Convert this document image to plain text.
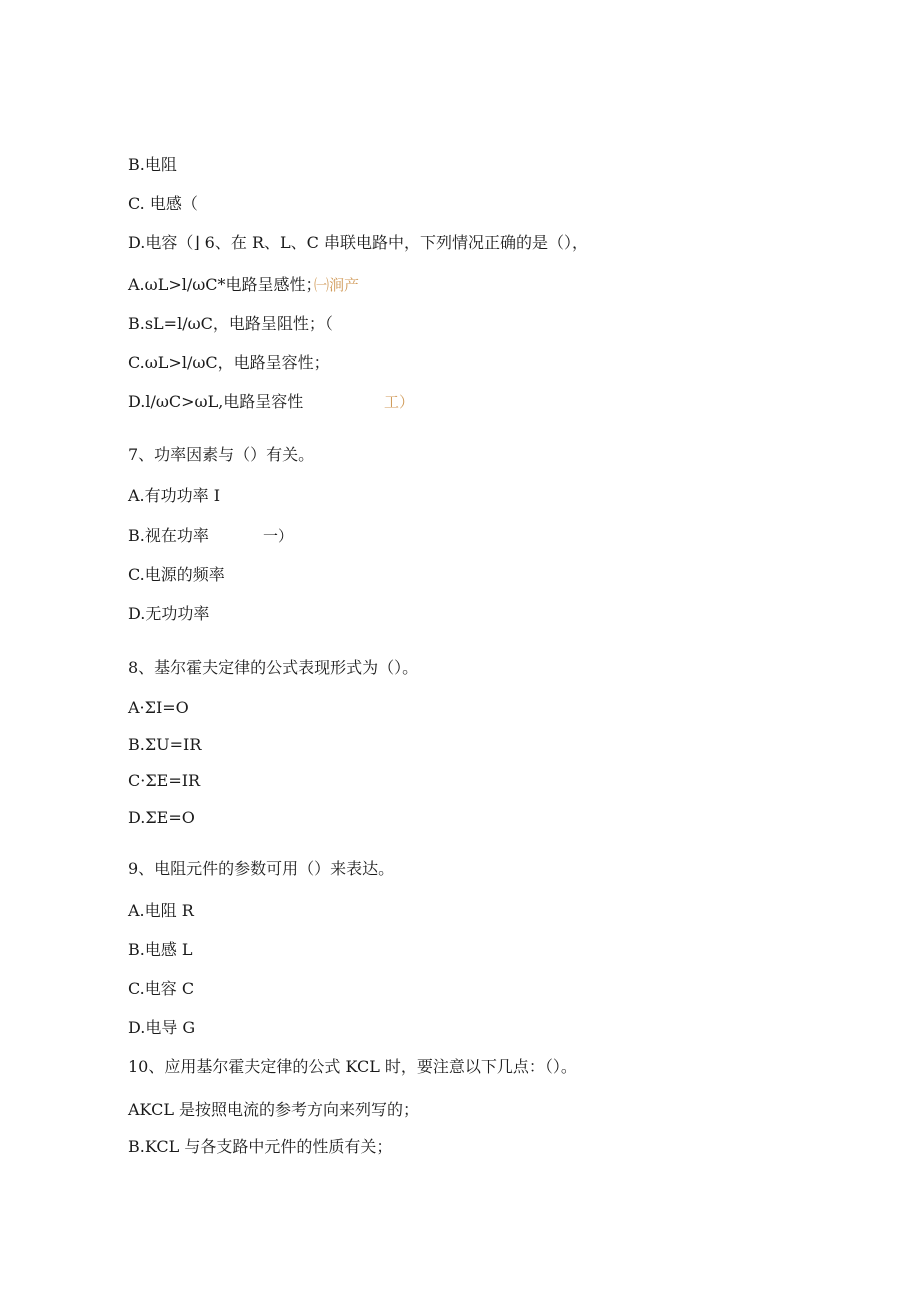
B.电阻
C. 电感（
D.电容（⌋ 6、在 R、L、C 串联电路中，下列情况正确的是（），
A.ωL>l/ωC*电路呈感性；
㈠涧产
B.sL=l/ωC，电路呈阻性；（
C.ωL>l/ωC，电路呈容性；
D.l/ωC>ωL,电路呈容性	工）
7、功率因素与（）有关。
A.有功功率 I
B.视在功率	一）
C.电源的频率
D.无功功率
8、基尔霍夫定律的公式表现形式为（）。
A·ΣI=O
B.ΣU=IR
C·ΣE=IR
D.ΣE=O
9、电阻元件的参数可用（）来表达。
A.电阻 R
B.电感 L
C.电容 C
D.电导 G
10、应用基尔霍夫定律的公式 KCL 时，要注意以下几点：（）。
AKCL 是按照电流的参考方向来列写的；
B.KCL 与各支路中元件的性质有关；
